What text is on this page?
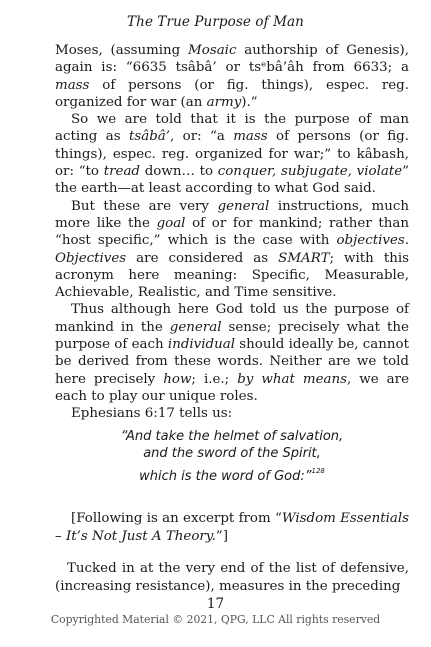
The True Purpose of Man

Moses, (assuming Mosaic authorship of Genesis), again is: “6635 tsâbâ’ or tsᵉbâ’âh from 6633; a mass of persons (or fig. things), espec. reg. organized for war (an army).”

So we are told that it is the purpose of man acting as tsâbâ’, or: “a mass of persons (or fig. things), espec. reg. organized for war;” to kâbash, or: “to tread down… to conquer, subjugate, violate” the earth—at least according to what God said.

But these are very general instructions, much more like the goal of or for mankind; rather than “host specific,” which is the case with objectives. Objectives are considered as SMART; with this acronym here meaning: Specific, Measurable, Achievable, Realistic, and Time sensitive.

Thus although here God told us the purpose of mankind in the general sense; precisely what the purpose of each individual should ideally be, cannot be derived from these words. Neither are we told here precisely how; i.e.; by what means, we are each to play our unique roles.

Ephesians 6:17 tells us:

“And take the helmet of salvation,
and the sword of the Spirit,
which is the word of God:”$^{128}$

[Following is an excerpt from “Wisdom Essentials – It’s Not Just A Theory.”]

Tucked in at the very end of the list of defensive, (increasing resistance), measures in the preceding

17
Copyrighted Material © 2021, QPG, LLC All rights reserved
